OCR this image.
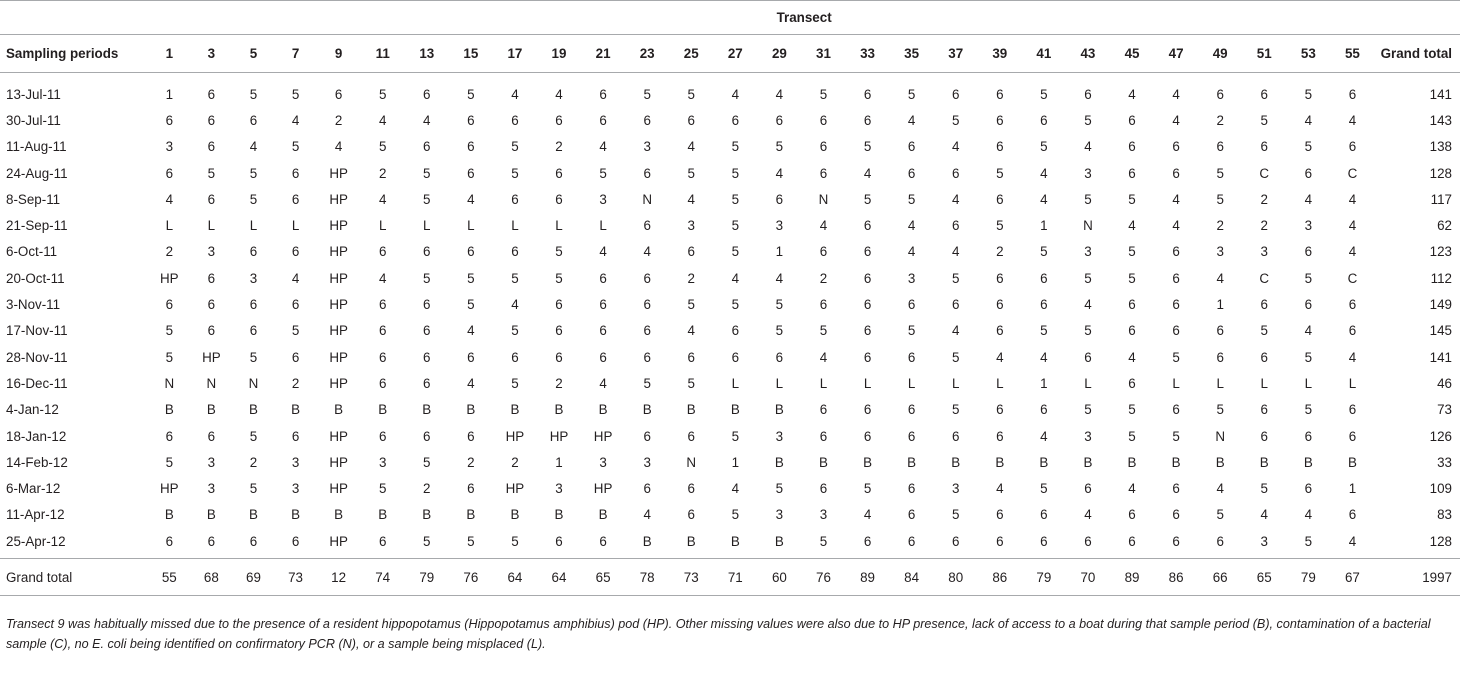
	Transect																												
Sampling periods	1	3	5	7	9	11	13	15	17	19	21	23	25	27	29	31	33	35	37	39	41	43	45	47	49	51	53	55	Grand total

13-Jul-11	1	6	5	5	6	5	6	5	4	4	6	5	5	4	4	5	6	5	6	6	5	6	4	4	6	6	5	6	141
30-Jul-11	6	6	6	4	2	4	4	6	6	6	6	6	6	6	6	6	6	4	5	6	6	5	6	4	2	5	4	4	143
11-Aug-11	3	6	4	5	4	5	6	6	5	2	4	3	4	5	5	6	5	6	4	6	5	4	6	6	6	6	5	6	138
24-Aug-11	6	5	5	6	HP	2	5	6	5	6	5	6	5	5	4	6	4	6	6	5	4	3	6	6	5	C	6	C	128
8-Sep-11	4	6	5	6	HP	4	5	4	6	6	3	N	4	5	6	N	5	5	4	6	4	5	5	4	5	2	4	4	117
21-Sep-11	L	L	L	L	HP	L	L	L	L	L	L	6	3	5	3	4	6	4	6	5	1	N	4	4	2	2	3	4	62
6-Oct-11	2	3	6	6	HP	6	6	6	6	5	4	4	6	5	1	6	6	4	4	2	5	3	5	6	3	3	6	4	123
20-Oct-11	HP	6	3	4	HP	4	5	5	5	5	6	6	2	4	4	2	6	3	5	6	6	5	5	6	4	C	5	C	112
3-Nov-11	6	6	6	6	HP	6	6	5	4	6	6	6	5	5	5	6	6	6	6	6	6	4	6	6	1	6	6	6	149
17-Nov-11	5	6	6	5	HP	6	6	4	5	6	6	6	4	6	5	5	6	5	4	6	5	5	6	6	6	5	4	6	145
28-Nov-11	5	HP	5	6	HP	6	6	6	6	6	6	6	6	6	6	4	6	6	5	4	4	6	4	5	6	6	5	4	141
16-Dec-11	N	N	N	2	HP	6	6	4	5	2	4	5	5	L	L	L	L	L	L	L	1	L	6	L	L	L	L	L	46
4-Jan-12	B	B	B	B	B	B	B	B	B	B	B	B	B	B	B	6	6	6	5	6	6	5	5	6	5	6	5	6	73
18-Jan-12	6	6	5	6	HP	6	6	6	HP	HP	HP	6	6	5	3	6	6	6	6	6	4	3	5	5	N	6	6	6	126
14-Feb-12	5	3	2	3	HP	3	5	2	2	1	3	3	N	1	B	B	B	B	B	B	B	B	B	B	B	B	B	B	33
6-Mar-12	HP	3	5	3	HP	5	2	6	HP	3	HP	6	6	4	5	6	5	6	3	4	5	6	4	6	4	5	6	1	109
11-Apr-12	B	B	B	B	B	B	B	B	B	B	B	4	6	5	3	3	4	6	5	6	6	4	6	6	5	4	4	6	83
25-Apr-12	6	6	6	6	HP	6	5	5	5	6	6	B	B	B	B	5	6	6	6	6	6	6	6	6	6	3	5	4	128

Grand total	55	68	69	73	12	74	79	76	64	64	65	78	73	71	60	76	89	84	80	86	79	70	89	86	66	65	79	67	1997
Transect 9 was habitually missed due to the presence of a resident hippopotamus (Hippopotamus amphibius) pod (HP). Other missing values were also due to HP presence, lack of access to a boat during that sample period (B), contamination of a bacterial sample (C), no E. coli being identified on confirmatory PCR (N), or a sample being misplaced (L).
